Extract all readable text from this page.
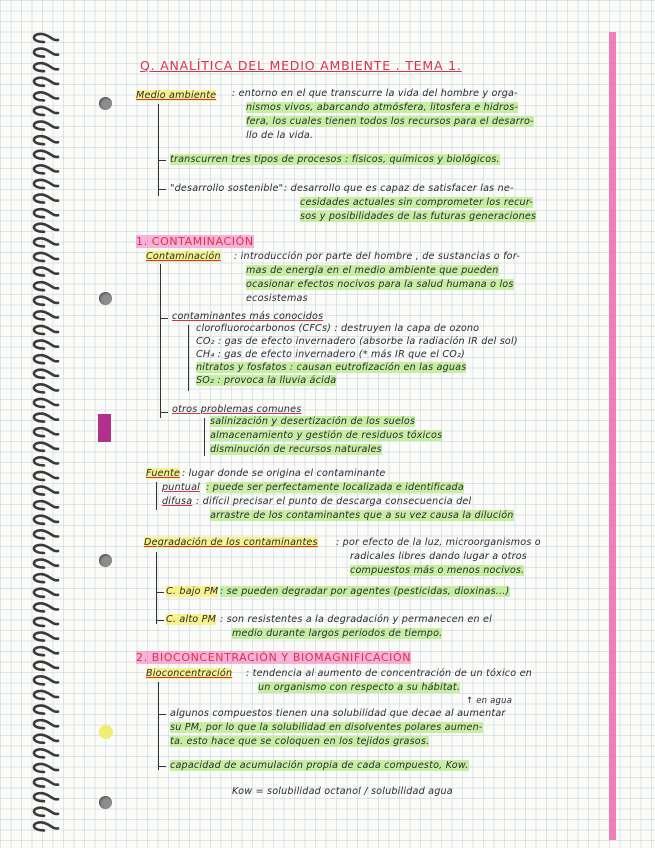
Q. ANALÍTICA DEL MEDIO AMBIENTE . TEMA 1.
Medio ambiente : entorno en el que transcurre la vida del hombre y orga-
nismos vivos, abarcando atmósfera, litosfera e hidros-
fera, los cuales tienen todos los recursos para el desarro-
llo de la vida.
transcurren tres tipos de procesos : físicos, químicos y biológicos.
"desarrollo sostenible" : desarrollo que es capaz de satisfacer las ne-
cesidades actuales sin comprometer los recur-
sos y posibilidades de las futuras generaciones
1. CONTAMINACIÓN
Contaminación : introducción por parte del hombre , de sustancias o for-
mas de energía en el medio ambiente que pueden
ocasionar efectos nocivos para la salud humana o los
ecosistemas
contaminantes más conocidos
clorofluorocarbonos (CFCs) : destruyen la capa de ozono
CO₂ : gas de efecto invernadero (absorbe la radiación IR del sol)
CH₄ : gas de efecto invernadero (* más IR que el CO₂)
nitratos y fosfatos : causan eutrofización en las aguas
SO₂ : provoca la lluvia ácida
otros problemas comunes
salinización y desertización de los suelos
almacenamiento y gestión de residuos tóxicos
disminución de recursos naturales
Fuente : lugar donde se origina el contaminante
puntual : puede ser perfectamente localizada e identificada
difusa : difícil precisar el punto de descarga consecuencia del
arrastre de los contaminantes que a su vez causa la dilución
Degradación de los contaminantes : por efecto de la luz, microorganismos o
radicales libres dando lugar a otros
compuestos más o menos nocivos.
C. bajo PM : se pueden degradar por agentes (pesticidas, dioxinas...)
C. alto PM : son resistentes a la degradación y permanecen en el
medio durante largos periodos de tiempo.
2. BIOCONCENTRACIÓN Y BIOMAGNIFICACIÓN
Bioconcentración : tendencia al aumento de concentración de un tóxico en
un organismo con respecto a su hábitat.
↑ en agua
algunos compuestos tienen una solubilidad que decae al aumentar
su PM, por lo que la solubilidad en disolventes polares aumen-
ta. esto hace que se coloquen en los tejidos grasos.
capacidad de acumulación propia de cada compuesto, Kow.
Kow = solubilidad octanol / solubilidad agua
